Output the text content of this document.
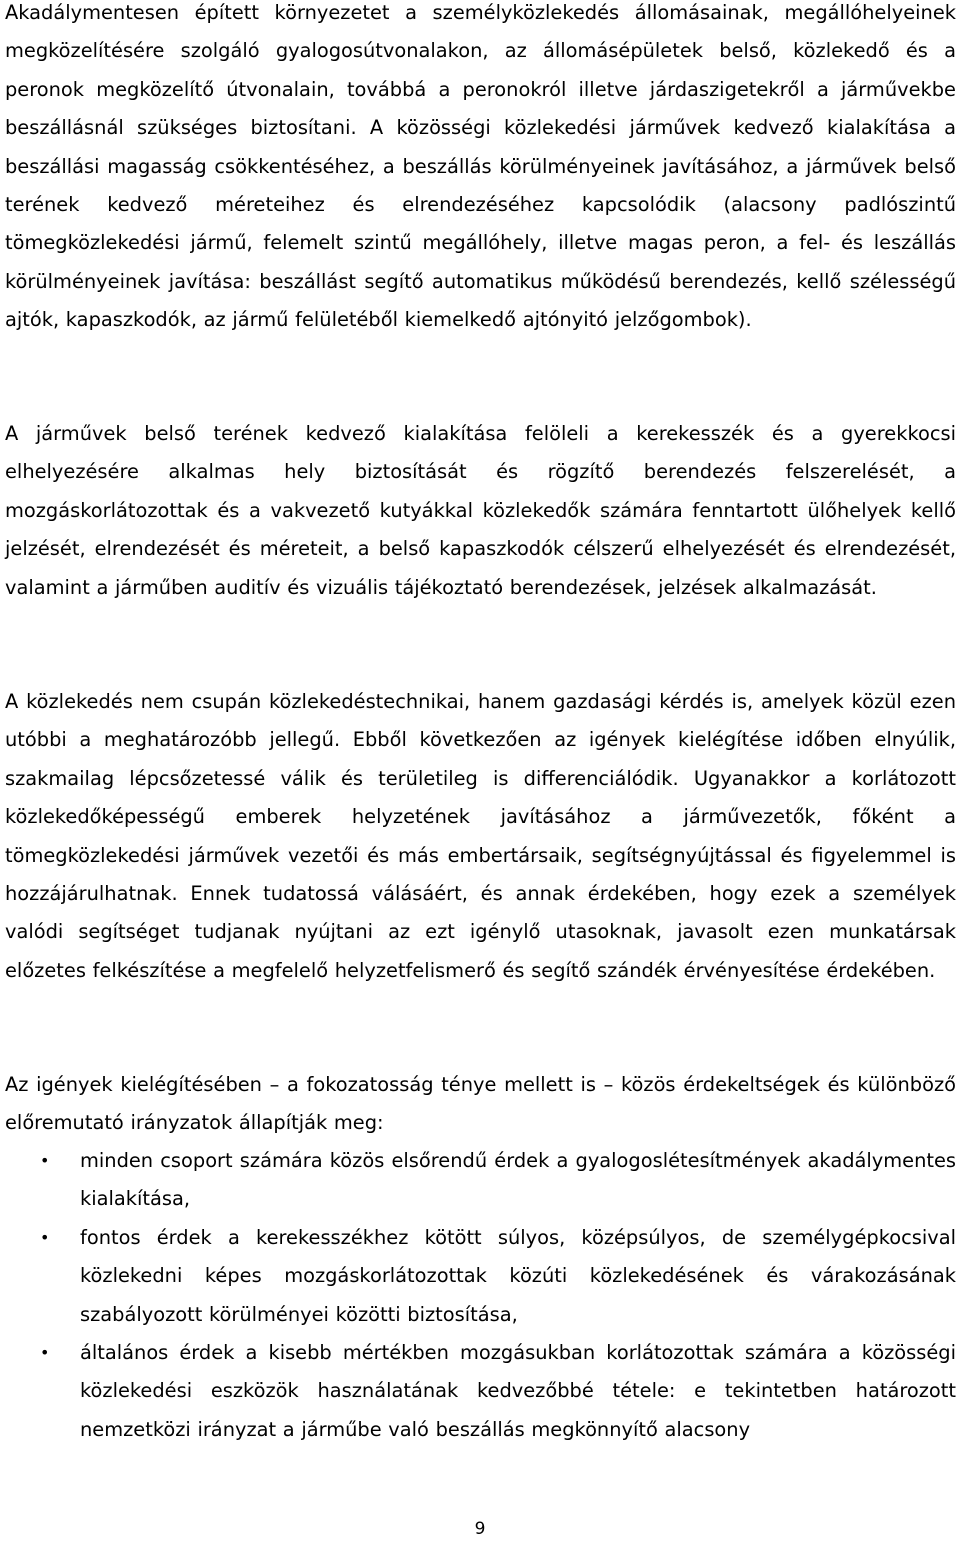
Akadálymentesen épített környezetet a személyközlekedés állomásainak, megállóhelyeinek megközelítésére szolgáló gyalogosútvonalakon, az állomásépületek belső, közlekedő és a peronok megközelítő útvonalain, továbbá a peronokról illetve járdaszigetekről a járművekbe beszállásnál szükséges biztosítani. A közösségi közlekedési járművek kedvező kialakítása a beszállási magasság csökkentéséhez, a beszállás körülményeinek javításához, a járművek belső terének kedvező méreteihez és elrendezéséhez kapcsolódik (alacsony padlószintű tömegközlekedési jármű, felemelt szintű megállóhely, illetve magas peron, a fel- és leszállás körülményeinek javítása: beszállást segítő automatikus működésű berendezés, kellő szélességű ajtók, kapaszkodók, az jármű felületéből kiemelkedő ajtónyitó jelzőgombok).

A járművek belső terének kedvező kialakítása felöleli a kerekesszék és a gyerekkocsi elhelyezésére alkalmas hely biztosítását és rögzítő berendezés felszerelését, a mozgáskorlátozottak és a vakvezető kutyákkal közlekedők számára fenntartott ülőhelyek kellő jelzését, elrendezését és méreteit, a belső kapaszkodók célszerű elhelyezését és elrendezését, valamint a járműben auditív és vizuális tájékoztató berendezések, jelzések alkalmazását.

A közlekedés nem csupán közlekedéstechnikai, hanem gazdasági kérdés is, amelyek közül ezen utóbbi a meghatározóbb jellegű. Ebből következően az igények kielégítése időben elnyúlik, szakmailag lépcsőzetessé válik és területileg is differenciálódik. Ugyanakkor a korlátozott közlekedőképességű emberek helyzetének javításához a járművezetők, főként a tömegközlekedési járművek vezetői és más embertársaik, segítségnyújtással és figyelemmel is hozzájárulhatnak. Ennek tudatossá válásáért, és annak érdekében, hogy ezek a személyek valódi segítséget tudjanak nyújtani az ezt igénylő utasoknak, javasolt ezen munkatársak előzetes felkészítése a megfelelő helyzetfelismerő és segítő szándék érvényesítése érdekében.

Az igények kielégítésében – a fokozatosság ténye mellett is – közös érdekeltségek és különböző előremutató irányzatok állapítják meg:

• minden csoport számára közös elsőrendű érdek a gyalogoslétesítmények akadálymentes kialakítása,
• fontos érdek a kerekesszékhez kötött súlyos, középsúlyos, de személygépkocsival közlekedni képes mozgáskorlátozottak közúti közlekedésének és várakozásának szabályozott körülményei közötti biztosítása,
• általános érdek a kisebb mértékben mozgásukban korlátozottak számára a közösségi közlekedési eszközök használatának kedvezőbbé tétele: e tekintetben határozott nemzetközi irányzat a járműbe való beszállás megkönnyítő alacsony
9
